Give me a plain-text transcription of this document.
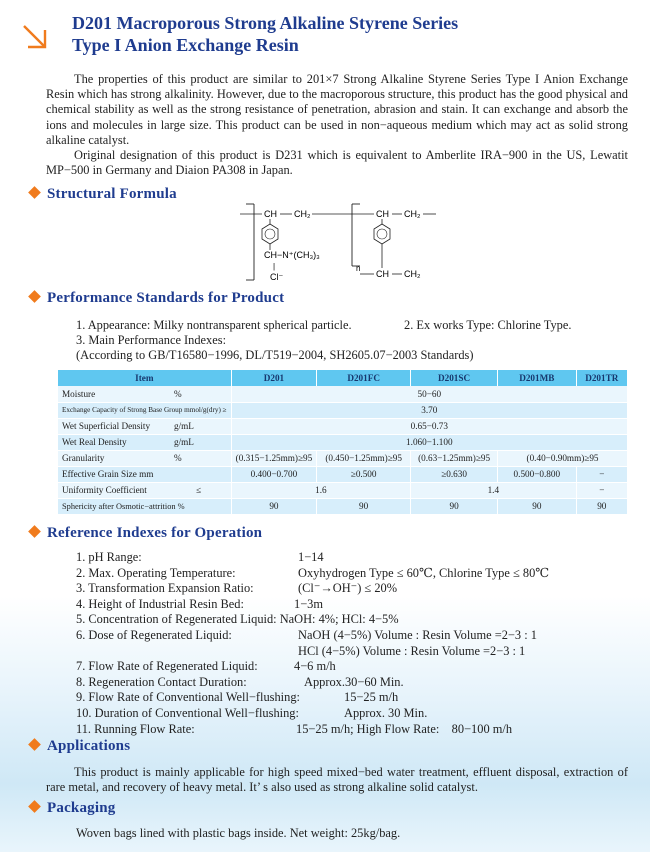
D201 Macroporous Strong Alkaline Styrene Series
Type I Anion Exchange Resin

The properties of this product are similar to 201×7 Strong Alkaline Styrene Series Type I Anion Exchange Resin which has strong alkalinity. However, due to the macroporous structure, this product has the good physical and chemical stability as well as the strong resistance of penetration, abrasion and stain. It can exchange and absorb the ions and molecules in large size. This product can be used in non−aqueous medium which may act as solid strong alkaline catalyst.

Original designation of this product is D231 which is equivalent to Amberlite IRA−900 in the US, Lewatit MP−500 in Germany and Diaion PA308 in Japan.

Structural Formula
CH CH₂	CH CH₂
CH−N⁺(CH₃)₃
|
Cl⁻
n
CH CH₂
Performance Standards for Product
1. Appearance: Milky nontransparent spherical particle.	2. Ex works Type: Chlorine Type.
3. Main Performance Indexes:
(According to GB/T16580−1996, DL/T519−2004, SH2605.07−2003 Standards)
Item	D201	D201FC	D201SC	D201MB	D201TR
Moisture %	50−60				
Exchange Capacity of Strong Base Group mmol/g(dry) ≥	3.70				
Wet Superficial Density g/mL	0.65−0.73				
Wet Real Density g/mL	1.060−1.100				
Granularity %	(0.315−1.25mm)≥95	(0.450−1.25mm)≥95	(0.63−1.25mm)≥95	(0.40−0.90mm)≥95	
Effective Grain Size mm	0.400−0.700	≥0.500	≥0.630	0.500−0.800	−
Uniformity Coefficient ≤	1.6		1.4		−
Sphericity after Osmotic−attrition %	90	90	90	90	90
Reference Indexes for Operation
1. pH Range:	1−14
2. Max. Operating Temperature:	Oxyhydrogen Type ≤ 60℃, Chlorine Type ≤ 80℃
3. Transformation Expansion Ratio:	(Cl⁻→OH⁻) ≤ 20%
4. Height of Industrial Resin Bed:	1−3m
5. Concentration of Regenerated Liquid: NaOH: 4%; HCl: 4−5%
6. Dose of Regenerated Liquid:	NaOH (4−5%) Volume : Resin Volume =2−3 : 1
HCl (4−5%) Volume : Resin Volume =2−3 : 1
7. Flow Rate of Regenerated Liquid:	4−6 m/h
8. Regeneration Contact Duration:	Approx.30−60 Min.
9. Flow Rate of Conventional Well−flushing:	15−25 m/h
10. Duration of Conventional Well−flushing:	Approx. 30 Min.
11. Running Flow Rate:	15−25 m/h; High Flow Rate:    80−100 m/h
Applications

This product is mainly applicable for high speed mixed−bed water treatment, effluent disposal, extraction of rare metal, and recovery of heavy metal. It’ s also used as strong alkaline solid catalyst.

Packaging
Woven bags lined with plastic bags inside. Net weight: 25kg/bag.
